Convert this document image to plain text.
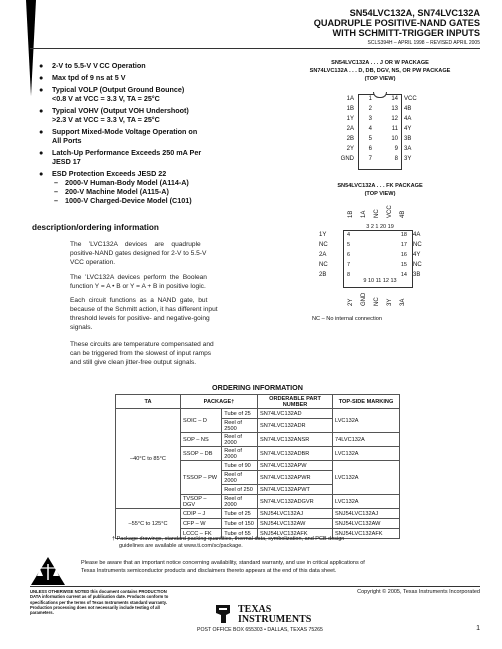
SN54LVC132A, SN74LVC132A
QUADRUPLE POSITIVE-NAND GATES
WITH SCHMITT-TRIGGER INPUTS
SCLS394H – APRIL 1998 – REVISED APRIL 2005
● 2-V to 5.5-V V CC Operation
● Max tpd of 9 ns at 5 V
● Typical VOLP (Output Ground Bounce)
<0.8 V at VCC = 3.3 V, TA = 25°C
● Typical VOHV (Output VOH Undershoot)
>2.3 V at VCC = 3.3 V, TA = 25°C
● Support Mixed-Mode Voltage Operation on
All Ports
● Latch-Up Performance Exceeds 250 mA Per
JESD 17
● ESD Protection Exceeds JESD 22
– 2000-V Human-Body Model (A114-A)
– 200-V Machine Model (A115-A)
– 1000-V Charged-Device Model (C101)
description/ordering information
The    ’LVC132A    devices    are    quadruple
positive-NAND gates designed for 2-V to 5.5-V
VCC operation.
The  ’LVC132A  devices  perform  the  Boolean
function Y = A • B or Y = A + B in positive logic.
Each  circuit  functions  as  a  NAND  gate,  but
because of the Schmitt action, it has different input
threshold levels for positive- and negative-going
signals.
These circuits are temperature compensated and
can be triggered from the slowest of input ramps
and still give clean jitter-free output signals.
SN54LVC132A . . . J OR W PACKAGE
SN74LVC132A . . . D, DB, DGV, NS, OR PW PACKAGE
(TOP VIEW)
1A 1
1B 2
1Y 3
2A 4
2B 5
2Y 6
GND 7
14 VCC
13 4B
12 4A
11 4Y
10 3B
9 3A
8 3Y
SN54LVC132A . . . FK PACKAGE
(TOP VIEW)
1B 1A NC VCC 4B
3 2 1 20 19
1Y	4
NC	5
2A	6
NC	7
2B	8
18 4A
17 NC
16 4Y
15 NC
14 3B
9 10 11 12 13
2Y GND NC 3Y 3A
NC – No internal connection
ORDERING INFORMATION
TA	PACKAGE†		ORDERABLE PART NUMBER	TOP-SIDE MARKING
–40°C to 85°C	SOIC – D	Tube of 25	SN74LVC132AD	LVC132A
		Reel of 2500	SN74LVC132ADR	
	SOP – NS	Reel of 2000	SN74LVC132ANSR	74LVC132A
	SSOP – DB	Reel of 2000	SN74LVC132ADBR	LVC132A
	TSSOP – PW	Tube of 90	SN74LVC132APW	LVC132A
		Reel of 2000	SN74LVC132APWR	
		Reel of 250	SN74LVC132APWT	
	TVSOP – DGV	Reel of 2000	SN74LVC132ADGVR	LVC132A
–55°C to 125°C	CDIP – J	Tube of 25	SNJ54LVC132AJ	SNJ54LVC132AJ
	CFP – W	Tube of 150	SNJ54LVC132AW	SNJ54LVC132AW
	LCCC – FK	Tube of 55	SNJ54LVC132AFK	SNJ54LVC132AFK
† Package drawings, standard packing quantities, thermal data, symbolization, and PCB design
guidelines are available at www.ti.com/sc/package.
Please be aware that an important notice concerning availability, standard warranty, and use in critical applications of
Texas Instruments semiconductor products and disclaimers thereto appears at the end of this data sheet.
UNLESS OTHERWISE NOTED this document contains PRODUCTION
DATA information current as of publication date. Products conform to
specifications per the terms of Texas Instruments standard warranty.
Production processing does not necessarily include testing of all
parameters.
Copyright © 2005, Texas Instruments Incorporated
TEXAS
INSTRUMENTS
POST OFFICE BOX 655303 • DALLAS, TEXAS 75265	1
